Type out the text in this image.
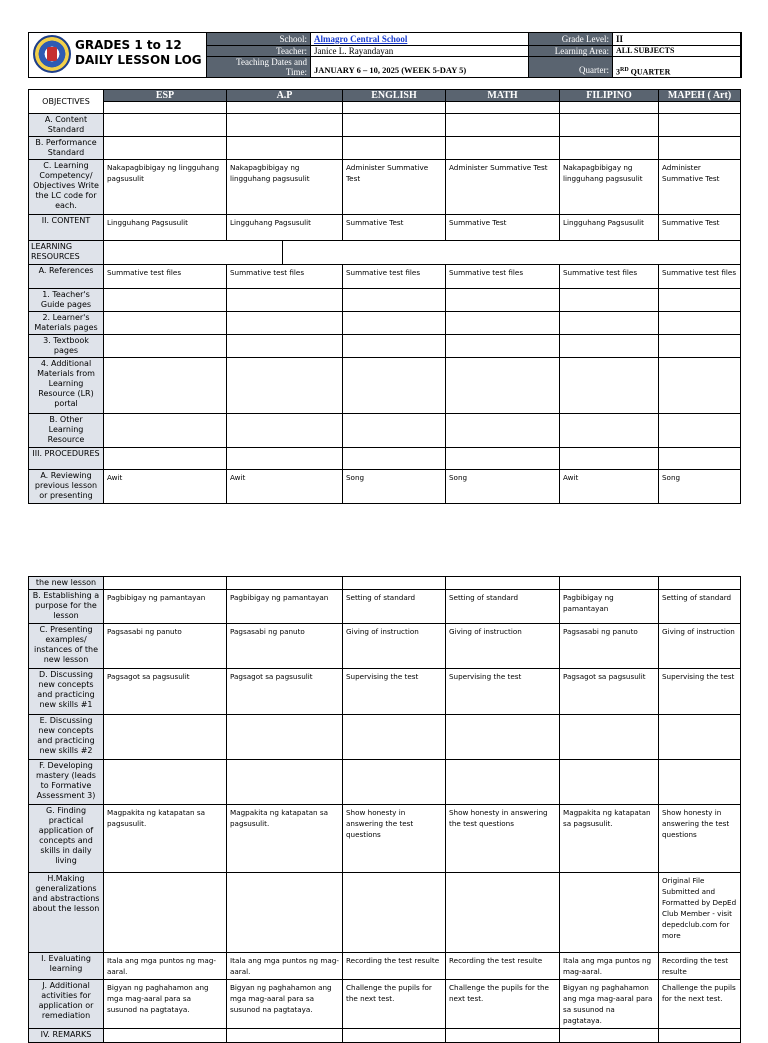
GRADES 1 to 12
DAILY LESSON LOG
School: Almagro Central School	Grade Level: II
Teacher: Janice L. Rayandayan	Learning Area: ALL SUBJECTS
Teaching Dates and
Time: JANUARY 6 – 10, 2025 (WEEK 5-DAY 5)	Quarter: 3RD QUARTER
OBJECTIVES	ESP	A.P	ENGLISH	MATH	FILIPINO	MAPEH ( Art)

A. Content Standard						
B. Performance Standard						
C. Learning Competency/ Objectives Write the LC code for each.	Nakapagbibigay ng lingguhang pagsusulit	Nakapagbibigay ng lingguhang pagsusulit	Administer Summative Test	Administer Summative Test	Nakapagbibigay ng lingguhang pagsusulit	Administer Summative Test
II. CONTENT	Lingguhang Pagsusulit	Lingguhang Pagsusulit	Summative Test	Summative Test	Lingguhang Pagsusulit	Summative Test
LEARNING RESOURCES						

A. References	Summative test files	Summative test files	Summative test files	Summative test files	Summative test files	Summative test files
1. Teacher's Guide pages						
2. Learner's Materials pages						
3. Textbook pages						
4. Additional Materials from Learning Resource (LR) portal						
B. Other Learning Resource						
III. PROCEDURES						
A. Reviewing previous lesson or presenting	Awit	Awit	Song	Song	Awit	Song
the new lesson						
B. Establishing a purpose for the lesson	Pagbibigay ng pamantayan	Pagbibigay ng pamantayan	Setting of standard	Setting of standard	Pagbibigay ng pamantayan	Setting of standard
C. Presenting examples/ instances of the new lesson	Pagsasabi ng panuto	Pagsasabi ng panuto	Giving of instruction	Giving of instruction	Pagsasabi ng panuto	Giving of instruction
D. Discussing new concepts and practicing new skills #1	Pagsagot sa pagsusulit	Pagsagot sa pagsusulit	Supervising the test	Supervising the test	Pagsagot sa pagsusulit	Supervising the test
E. Discussing new concepts and practicing new skills #2						
F. Developing mastery (leads to Formative Assessment 3)						
G. Finding practical application of concepts and skills in daily living	Magpakita ng katapatan sa pagsusulit.	Magpakita ng katapatan sa pagsusulit.	Show honesty in answering the test questions	Show honesty in answering the test questions	Magpakita ng katapatan sa pagsusulit.	Show honesty in answering the test questions
H.Making generalizations and abstractions about the lesson						Original File Submitted and Formatted by DepEd Club Member - visit depedclub.com for more
I. Evaluating learning	Itala ang mga puntos ng mag-aaral.	Itala ang mga puntos ng mag-aaral.	Recording the test resulte	Recording the test resulte	Itala ang mga puntos ng mag-aaral.	Recording the test resulte
J. Additional activities for application or remediation	Bigyan ng paghahamon ang mga mag-aaral para sa susunod na pagtataya.	Bigyan ng paghahamon ang mga mag-aaral para sa susunod na pagtataya.	Challenge the pupils for the next test.	Challenge the pupils for the next test.	Bigyan ng paghahamon ang mga mag-aaral para sa susunod na pagtataya.	Challenge the pupils for the next test.
IV. REMARKS						
